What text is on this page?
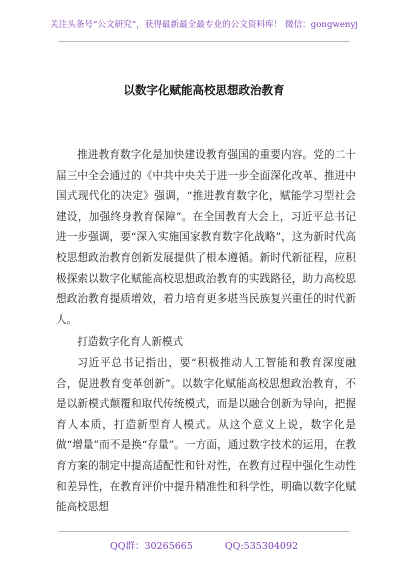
关注头条号“公文研究”，获得最新最全最专业的公文资料库！ 微信：gongwenyj
以数字化赋能高校思想政治教育

推进教育数字化是加快建设教育强国的重要内容。党的二十届三中全会通过的《中共中央关于进一步全面深化改革、推进中国式现代化的决定》强调，“推进教育数字化，赋能学习型社会建设，加强终身教育保障”。在全国教育大会上，习近平总书记进一步强调，要“深入实施国家教育数字化战略”，这为新时代高校思想政治教育创新发展提供了根本遵循。新时代新征程，应积极探索以数字化赋能高校思想政治教育的实践路径，助力高校思想政治教育提质增效，着力培育更多堪当民族复兴重任的时代新人。

打造数字化育人新模式

习近平总书记指出，要“积极推动人工智能和教育深度融合，促进教育变革创新”。以数字化赋能高校思想政治教育，不是以新模式颠覆和取代传统模式，而是以融合创新为导向，把握育人本质，打造新型育人模式。从这个意义上说，数字化是做“增量”而不是换“存量”。一方面，通过数字技术的运用，在教育方案的制定中提高适配性和针对性，在教育过程中强化生动性和差异性，在教育评价中提升精准性和科学性，明确以数字化赋能高校思想

QQ群：30265665	QQ:535304092
